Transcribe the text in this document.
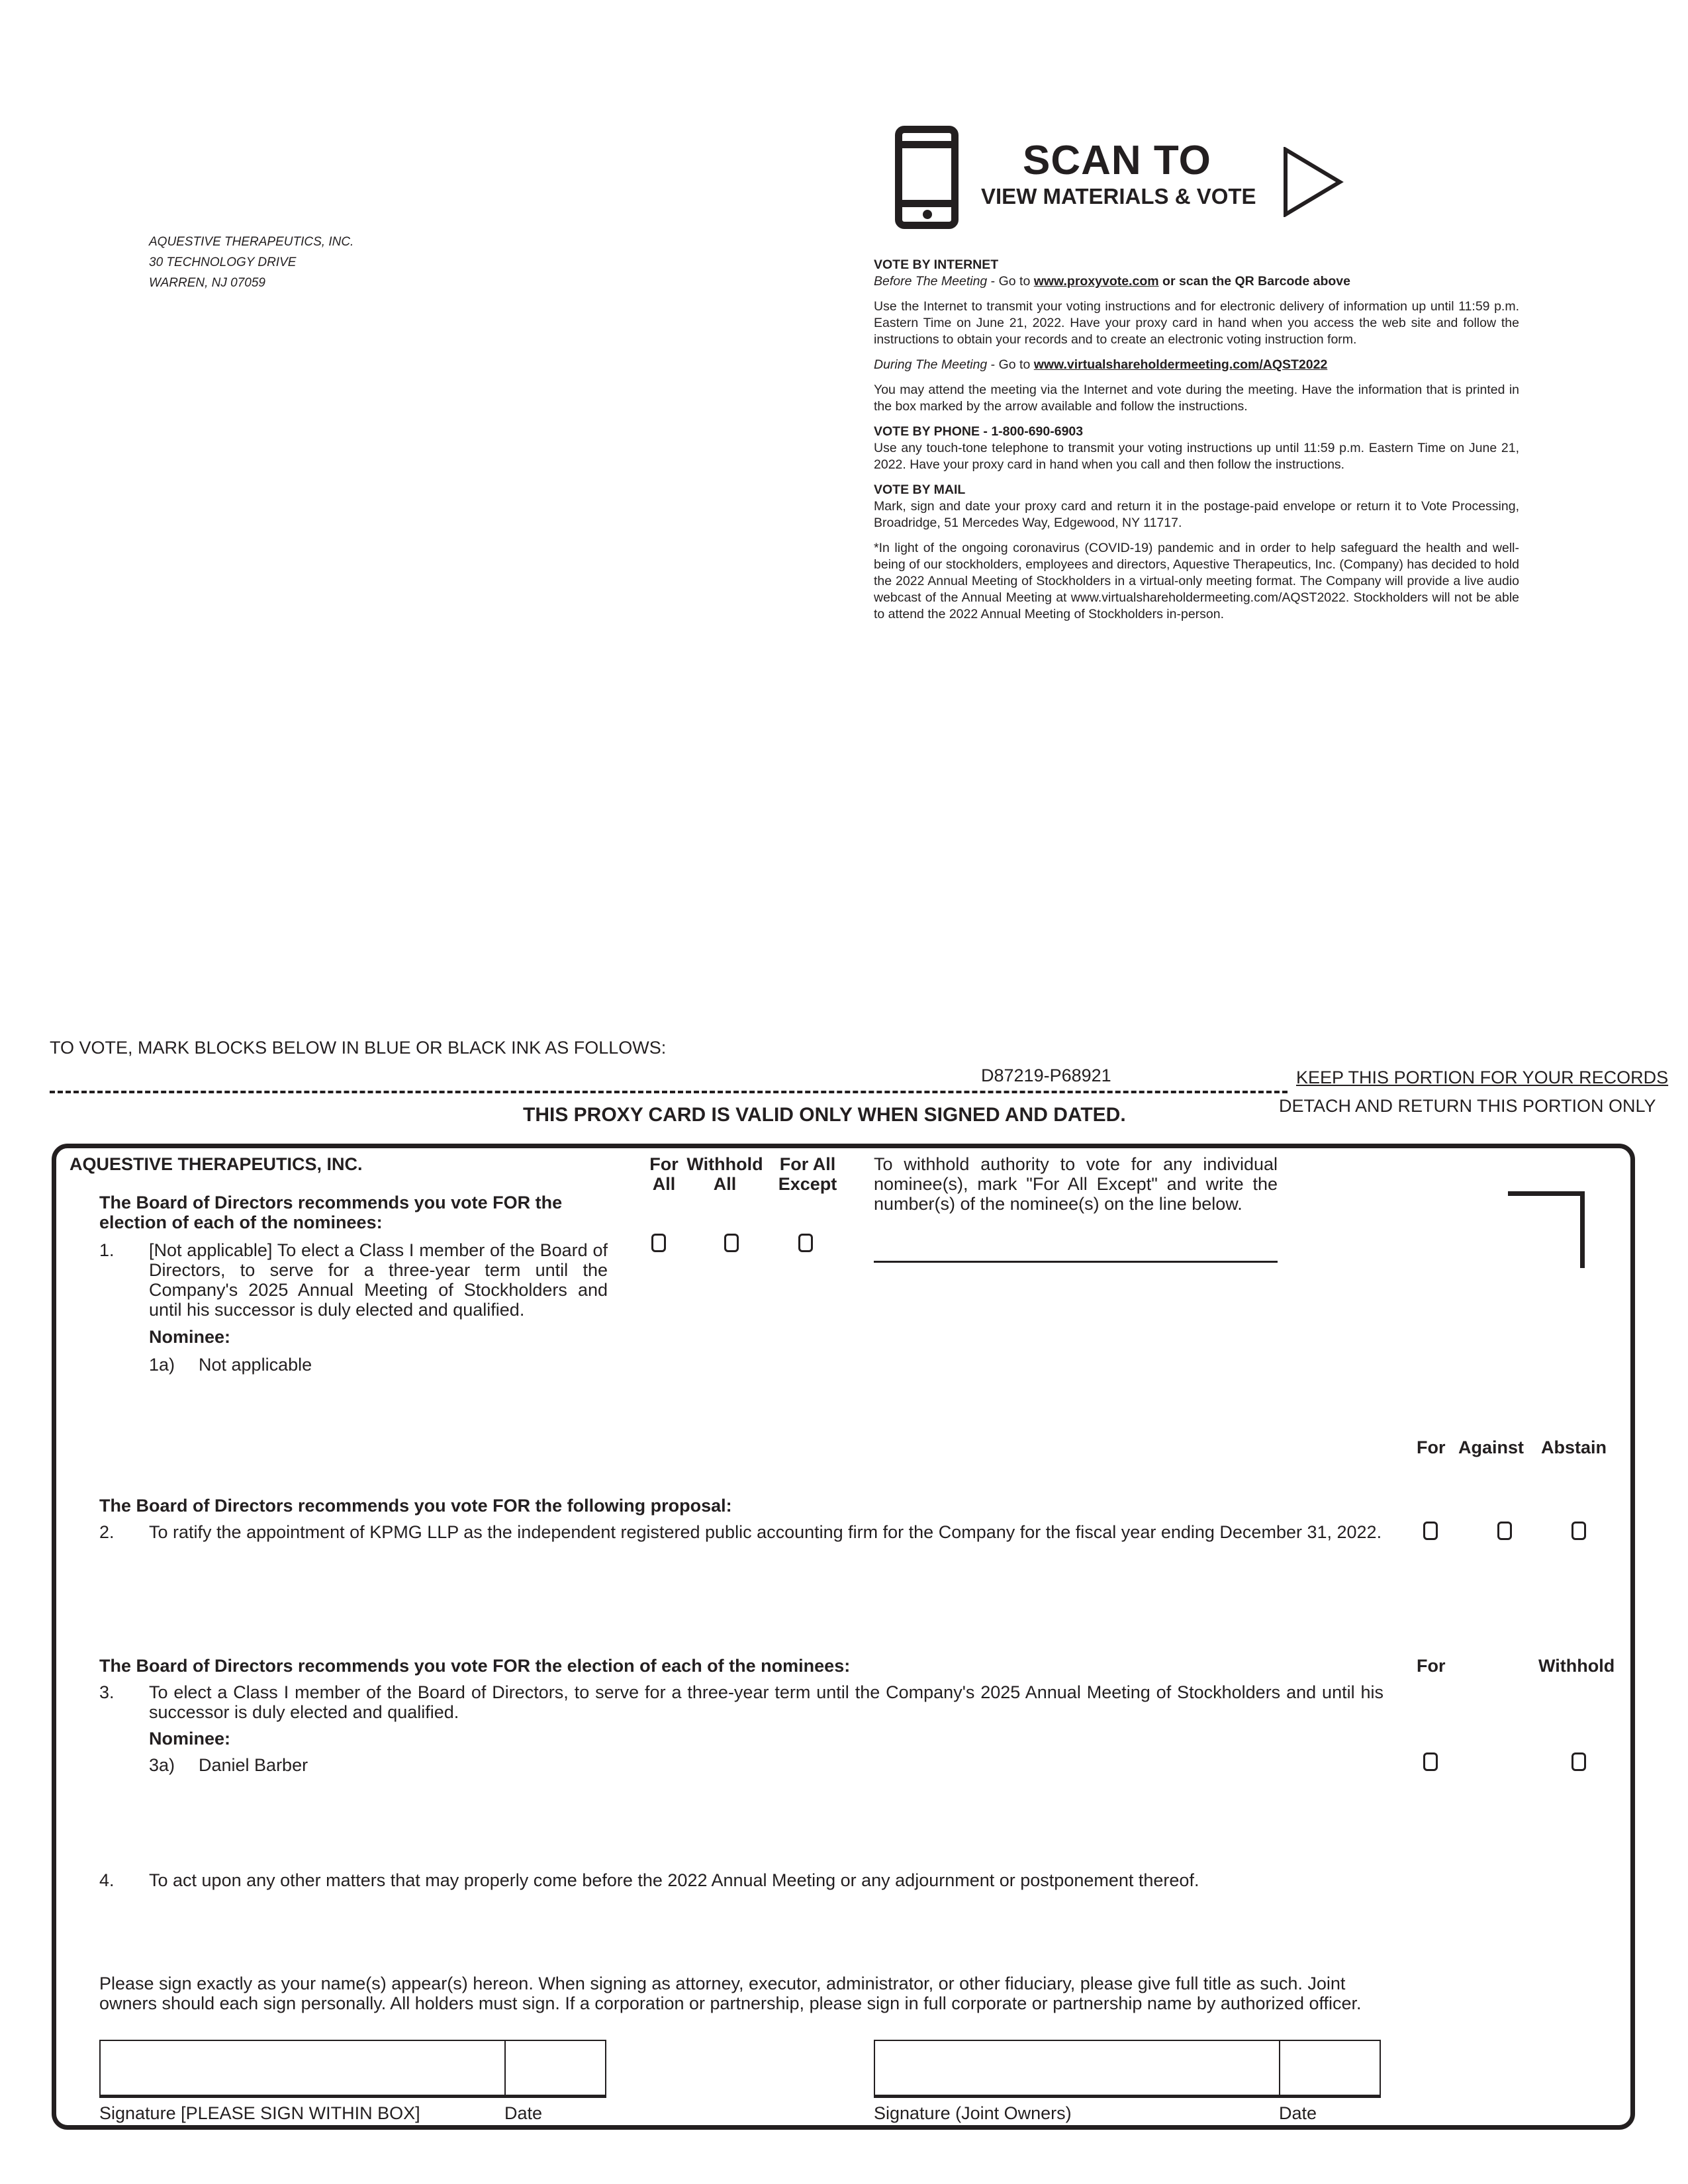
AQUESTIVE THERAPEUTICS, INC.
30 TECHNOLOGY DRIVE
WARREN, NJ 07059
SCAN TO
VIEW MATERIALS & VOTE

VOTE BY INTERNET
Before The Meeting - Go to www.proxyvote.com or scan the QR Barcode above

Use the Internet to transmit your voting instructions and for electronic delivery of information up until 11:59 p.m. Eastern Time on June 21, 2022. Have your proxy card in hand when you access the web site and follow the instructions to obtain your records and to create an electronic voting instruction form.

During The Meeting - Go to www.virtualshareholdermeeting.com/AQST2022

You may attend the meeting via the Internet and vote during the meeting. Have the information that is printed in the box marked by the arrow available and follow the instructions.

VOTE BY PHONE - 1-800-690-6903

Use any touch-tone telephone to transmit your voting instructions up until 11:59 p.m. Eastern Time on June 21, 2022. Have your proxy card in hand when you call and then follow the instructions.

VOTE BY MAIL

Mark, sign and date your proxy card and return it in the postage-paid envelope or return it to Vote Processing, Broadridge, 51 Mercedes Way, Edgewood, NY 11717.

*In light of the ongoing coronavirus (COVID-19) pandemic and in order to help safeguard the health and well-being of our stockholders, employees and directors, Aquestive Therapeutics, Inc. (Company) has decided to hold the 2022 Annual Meeting of Stockholders in a virtual-only meeting format. The Company will provide a live audio webcast of the Annual Meeting at www.virtualshareholdermeeting.com/AQST2022. Stockholders will not be able to attend the 2022 Annual Meeting of Stockholders in-person.

TO VOTE, MARK BLOCKS BELOW IN BLUE OR BLACK INK AS FOLLOWS:
D87219-P68921	KEEP THIS PORTION FOR YOUR RECORDS
DETACH AND RETURN THIS PORTION ONLY
THIS PROXY CARD IS VALID ONLY WHEN SIGNED AND DATED.
AQUESTIVE THERAPEUTICS, INC.	For
All
Withhold
All
For All
Except
To withhold authority to vote for any individual nominee(s), mark "For All Except" and write the number(s) of the nominee(s) on the line below.
The Board of Directors recommends you vote FOR the election of each of the nominees:
1. [Not applicable] To elect a Class I member of the Board of Directors, to serve for a three-year term until the Company's 2025 Annual Meeting of Stockholders and until his successor is duly elected and qualified.
Nominee:
1a) Not applicable
For Against Abstain
The Board of Directors recommends you vote FOR the following proposal:
2. To ratify the appointment of KPMG LLP as the independent registered public accounting firm for the Company for the fiscal year ending December 31, 2022.
The Board of Directors recommends you vote FOR the election of each of the nominees:	For	Withhold
3. To elect a Class I member of the Board of Directors, to serve for a three-year term until the Company's 2025 Annual Meeting of Stockholders and until his successor is duly elected and qualified.
Nominee:
3a) Daniel Barber
4. To act upon any other matters that may properly come before the 2022 Annual Meeting or any adjournment or postponement thereof.
Please sign exactly as your name(s) appear(s) hereon. When signing as attorney, executor, administrator, or other fiduciary, please give full title as such. Joint owners should each sign personally. All holders must sign. If a corporation or partnership, please sign in full corporate or partnership name by authorized officer.
Signature [PLEASE SIGN WITHIN BOX]	Date	Signature (Joint Owners)	Date
